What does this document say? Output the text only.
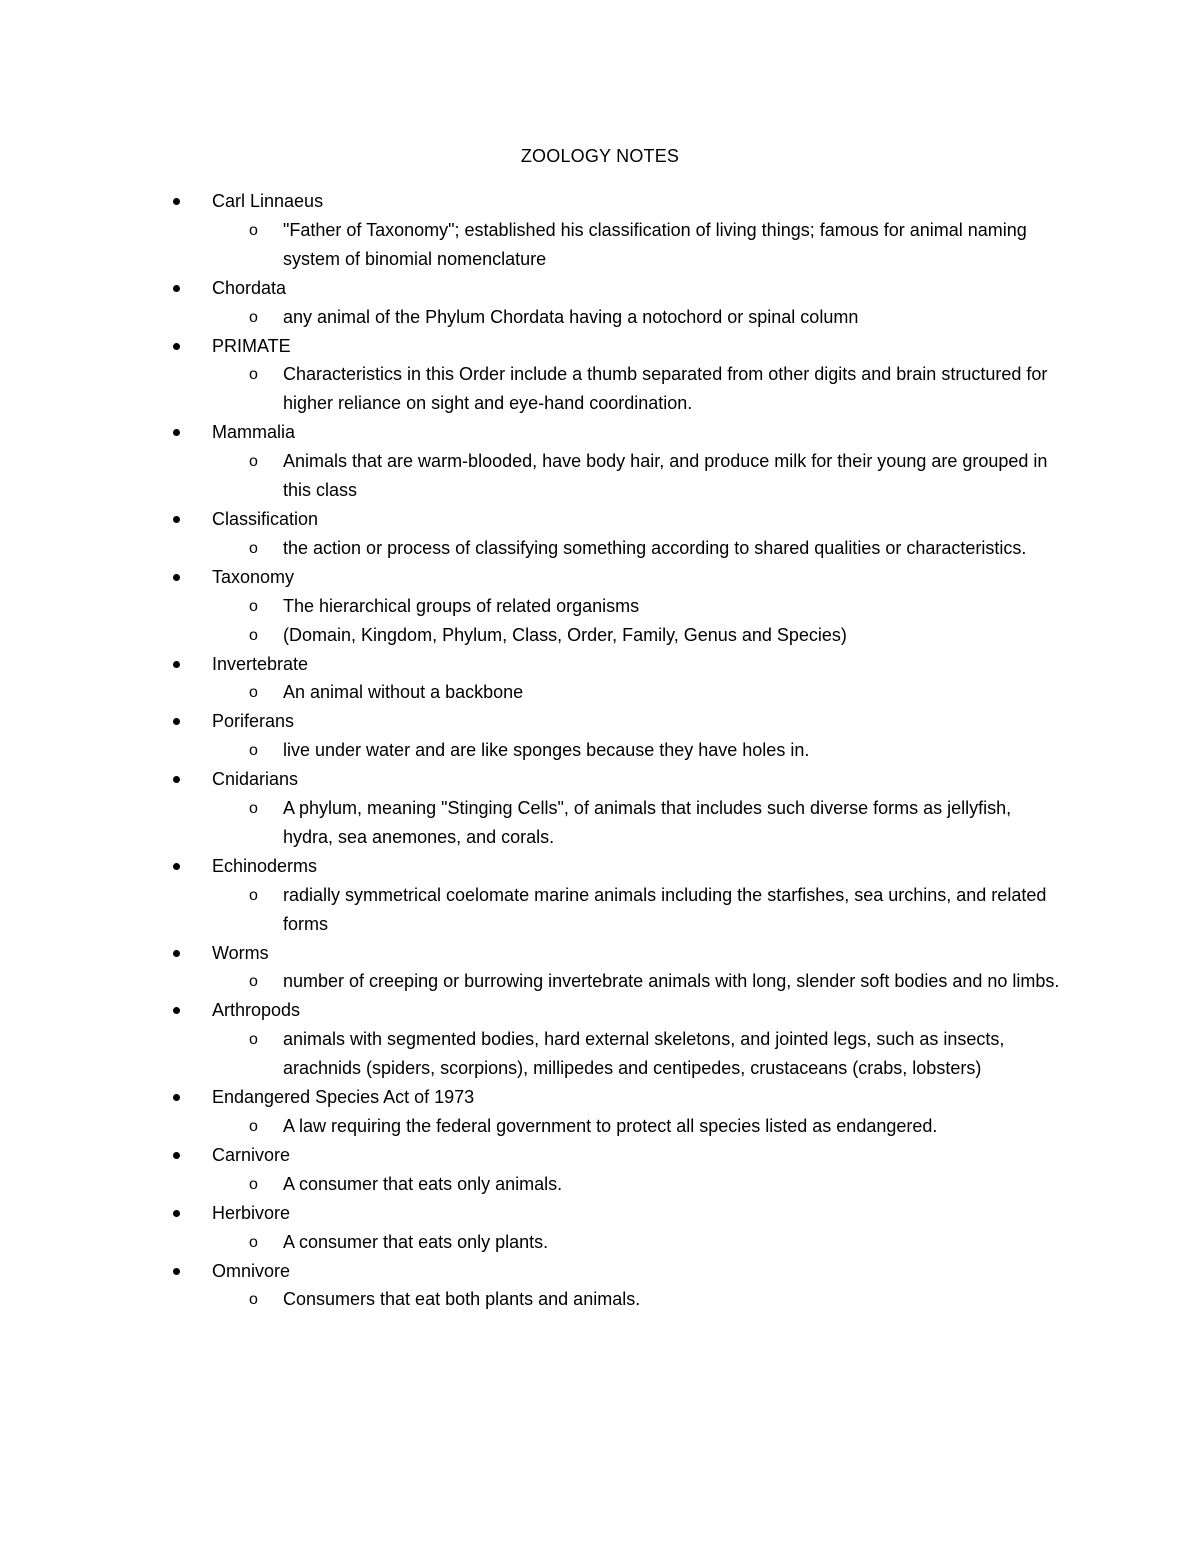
ZOOLOGY NOTES
Carl Linnaeus
o "Father of Taxonomy"; established his classification of living things; famous for animal naming system of binomial nomenclature
Chordata
o any animal of the Phylum Chordata having a notochord or spinal column
PRIMATE
o Characteristics in this Order include a thumb separated from other digits and brain structured for higher reliance on sight and eye-hand coordination.
Mammalia
o Animals that are warm-blooded, have body hair, and produce milk for their young are grouped in this class
Classification
o the action or process of classifying something according to shared qualities or characteristics.
Taxonomy
o The hierarchical groups of related organisms
o (Domain, Kingdom, Phylum, Class, Order, Family, Genus and Species)
Invertebrate
o An animal without a backbone
Poriferans
o live under water and are like sponges because they have holes in.
Cnidarians
o A phylum, meaning "Stinging Cells", of animals that includes such diverse forms as jellyfish, hydra, sea anemones, and corals.
Echinoderms
o radially symmetrical coelomate marine animals including the starfishes, sea urchins, and related forms
Worms
o number of creeping or burrowing invertebrate animals with long, slender soft bodies and no limbs.
Arthropods
o animals with segmented bodies, hard external skeletons, and jointed legs, such as insects, arachnids (spiders, scorpions), millipedes and centipedes, crustaceans (crabs, lobsters)
Endangered Species Act of 1973
o A law requiring the federal government to protect all species listed as endangered.
Carnivore
o A consumer that eats only animals.
Herbivore
o A consumer that eats only plants.
Omnivore
o Consumers that eat both plants and animals.
